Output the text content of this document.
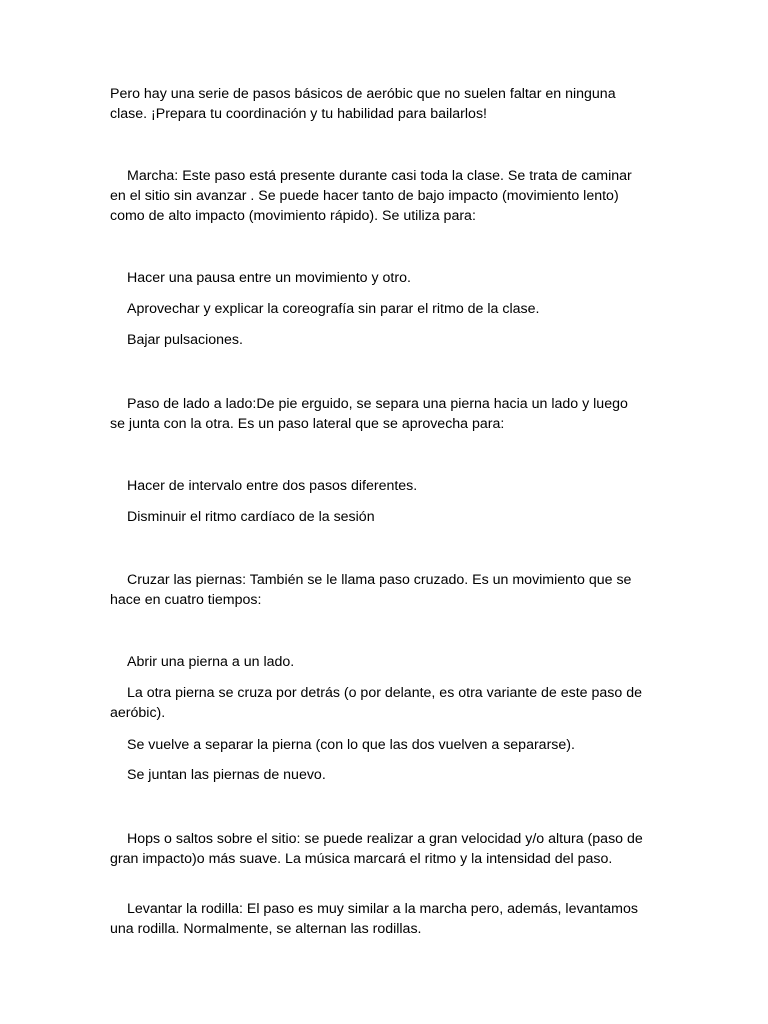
Pero hay una serie de pasos básicos de aeróbic que no suelen faltar en ninguna clase. ¡Prepara tu coordinación y tu habilidad para bailarlos!

Marcha: Este paso está presente durante casi toda la clase. Se trata de caminar en el sitio sin avanzar . Se puede hacer tanto de bajo impacto (movimiento lento) como de alto impacto (movimiento rápido). Se utiliza para:

Hacer una pausa entre un movimiento y otro.

Aprovechar y explicar la coreografía sin parar el ritmo de la clase.

Bajar pulsaciones.

Paso de lado a lado:De pie erguido, se separa una pierna hacia un lado y luego se junta con la otra. Es un paso lateral que se aprovecha para:

Hacer de intervalo entre dos pasos diferentes.

Disminuir el ritmo cardíaco de la sesión

Cruzar las piernas: También se le llama paso cruzado. Es un movimiento que se hace en cuatro tiempos:

Abrir una pierna a un lado.

La otra pierna se cruza por detrás (o por delante, es otra variante de este paso de aeróbic).

Se vuelve a separar la pierna (con lo que las dos vuelven a separarse).

Se juntan las piernas de nuevo.

Hops o saltos sobre el sitio: se puede realizar a gran velocidad y/o altura (paso de gran impacto)o más suave. La música marcará el ritmo y la intensidad del paso.

Levantar la rodilla: El paso es muy similar a la marcha pero, además, levantamos una rodilla. Normalmente, se alternan las rodillas.
